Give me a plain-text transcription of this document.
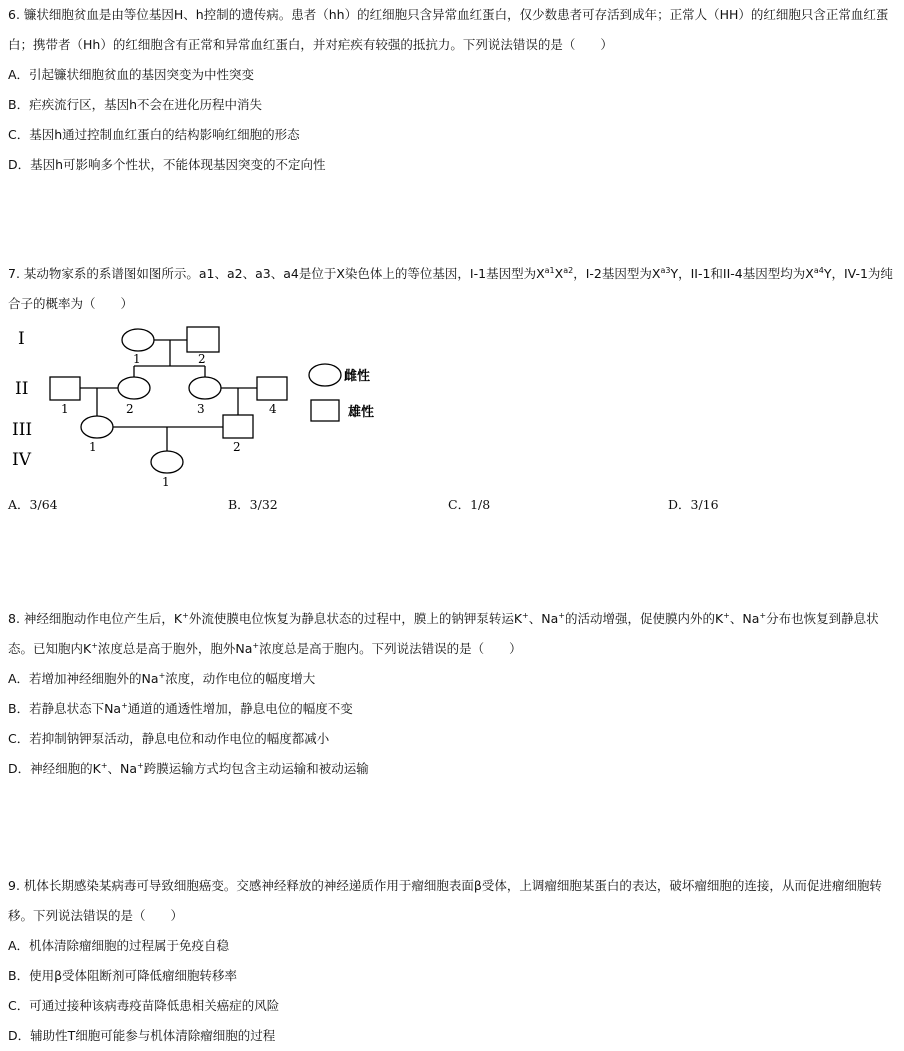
6. 镰状细胞贫血是由等位基因H、h控制的遗传病。患者（hh）的红细胞只含异常血红蛋白，仅少数患者可存活到成年；正常人（HH）的红细胞只含正常血红蛋白；携带者（Hh）的红细胞含有正常和异常血红蛋白，并对疟疾有较强的抵抗力。下列说法错误的是（　　）

A．引起镰状细胞贫血的基因突变为中性突变

B．疟疾流行区，基因h不会在进化历程中消失

C．基因h通过控制血红蛋白的结构影响红细胞的形态

D．基因h可影响多个性状，不能体现基因突变的不定向性

7. 某动物家系的系谱图如图所示。a1、a2、a3、a4是位于X染色体上的等位基因，I-1基因型为$X^{a1}X^{a2}$，I-2基因型为$X^{a3}Y$，II-1和II-4基因型均为$X^{a4}Y$，IV-1为纯合子的概率为（　　）

I
II
III
IV
1	2
1	2	3	4
1	2
1
雌性
雄性
A．3/64	B．3/32	C．1/8	D．3/16

8. 神经细胞动作电位产生后，K+外流使膜电位恢复为静息状态的过程中，膜上的钠钾泵转运K+、Na+的活动增强，促使膜内外的K+、Na+分布也恢复到静息状态。已知胞内K+浓度总是高于胞外，胞外Na+浓度总是高于胞内。下列说法错误的是（　　）

A．若增加神经细胞外的Na+浓度，动作电位的幅度增大

B．若静息状态下Na+通道的通透性增加，静息电位的幅度不变

C．若抑制钠钾泵活动，静息电位和动作电位的幅度都减小

D．神经细胞的K+、Na+跨膜运输方式均包含主动运输和被动运输

9. 机体长期感染某病毒可导致细胞癌变。交感神经释放的神经递质作用于瘤细胞表面β受体，上调瘤细胞某蛋白的表达，破坏瘤细胞的连接，从而促进瘤细胞转移。下列说法错误的是（　　）

A．机体清除瘤细胞的过程属于免疫自稳

B．使用β受体阻断剂可降低瘤细胞转移率

C．可通过接种该病毒疫苗降低患相关癌症的风险

D．辅助性T细胞可能参与机体清除瘤细胞的过程
